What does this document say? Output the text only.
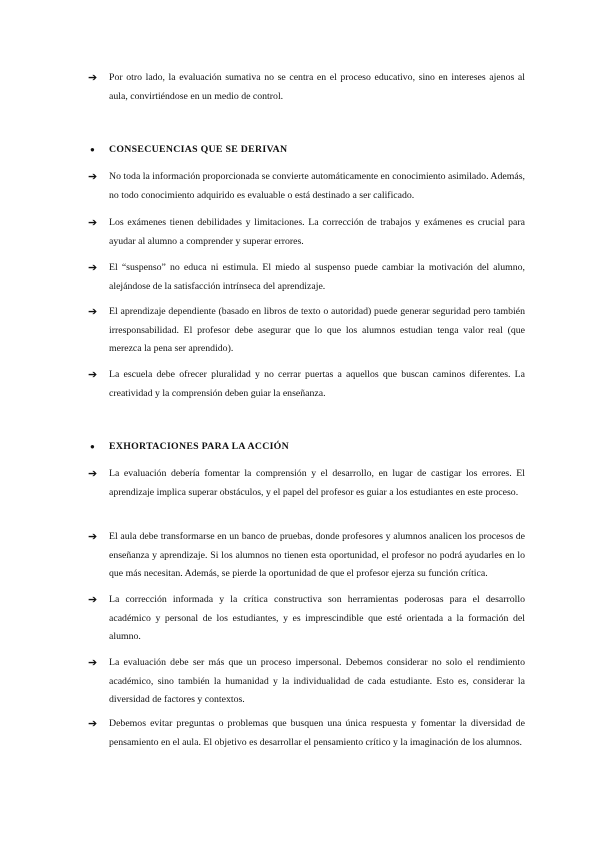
➔	Por otro lado, la evaluación sumativa no se centra en el proceso educativo, sino en intereses ajenos al aula, convirtiéndose en un medio de control.
● CONSECUENCIAS QUE SE DERIVAN
➔	No toda la información proporcionada se convierte automáticamente en conocimiento asimilado. Además, no todo conocimiento adquirido es evaluable o está destinado a ser calificado.
➔	Los exámenes tienen debilidades y limitaciones. La corrección de trabajos y exámenes es crucial para ayudar al alumno a comprender y superar errores.
➔	El “suspenso” no educa ni estimula. El miedo al suspenso puede cambiar la motivación del alumno, alejándose de la satisfacción intrínseca del aprendizaje.
➔	El aprendizaje dependiente (basado en libros de texto o autoridad) puede generar seguridad pero también irresponsabilidad. El profesor debe asegurar que lo que los alumnos estudian tenga valor real (que merezca la pena ser aprendido).
➔	La escuela debe ofrecer pluralidad y no cerrar puertas a aquellos que buscan caminos diferentes. La creatividad y la comprensión deben guiar la enseñanza.
● EXHORTACIONES PARA LA ACCIÓN
➔	La evaluación debería fomentar la comprensión y el desarrollo, en lugar de castigar los errores. El aprendizaje implica superar obstáculos, y el papel del profesor es guiar a los estudiantes en este proceso.
➔	El aula debe transformarse en un banco de pruebas, donde profesores y alumnos analicen los procesos de enseñanza y aprendizaje. Si los alumnos no tienen esta oportunidad, el profesor no podrá ayudarles en lo que más necesitan. Además, se pierde la oportunidad de que el profesor ejerza su función crítica.
➔	La corrección informada y la crítica constructiva son herramientas poderosas para el desarrollo académico y personal de los estudiantes, y es imprescindible que esté orientada a la formación del alumno.
➔	La evaluación debe ser más que un proceso impersonal. Debemos considerar no solo el rendimiento académico, sino también la humanidad y la individualidad de cada estudiante. Esto es, considerar la diversidad de factores y contextos.
➔	Debemos evitar preguntas o problemas que busquen una única respuesta y fomentar la diversidad de pensamiento en el aula. El objetivo es desarrollar el pensamiento crítico y la imaginación de los alumnos.
